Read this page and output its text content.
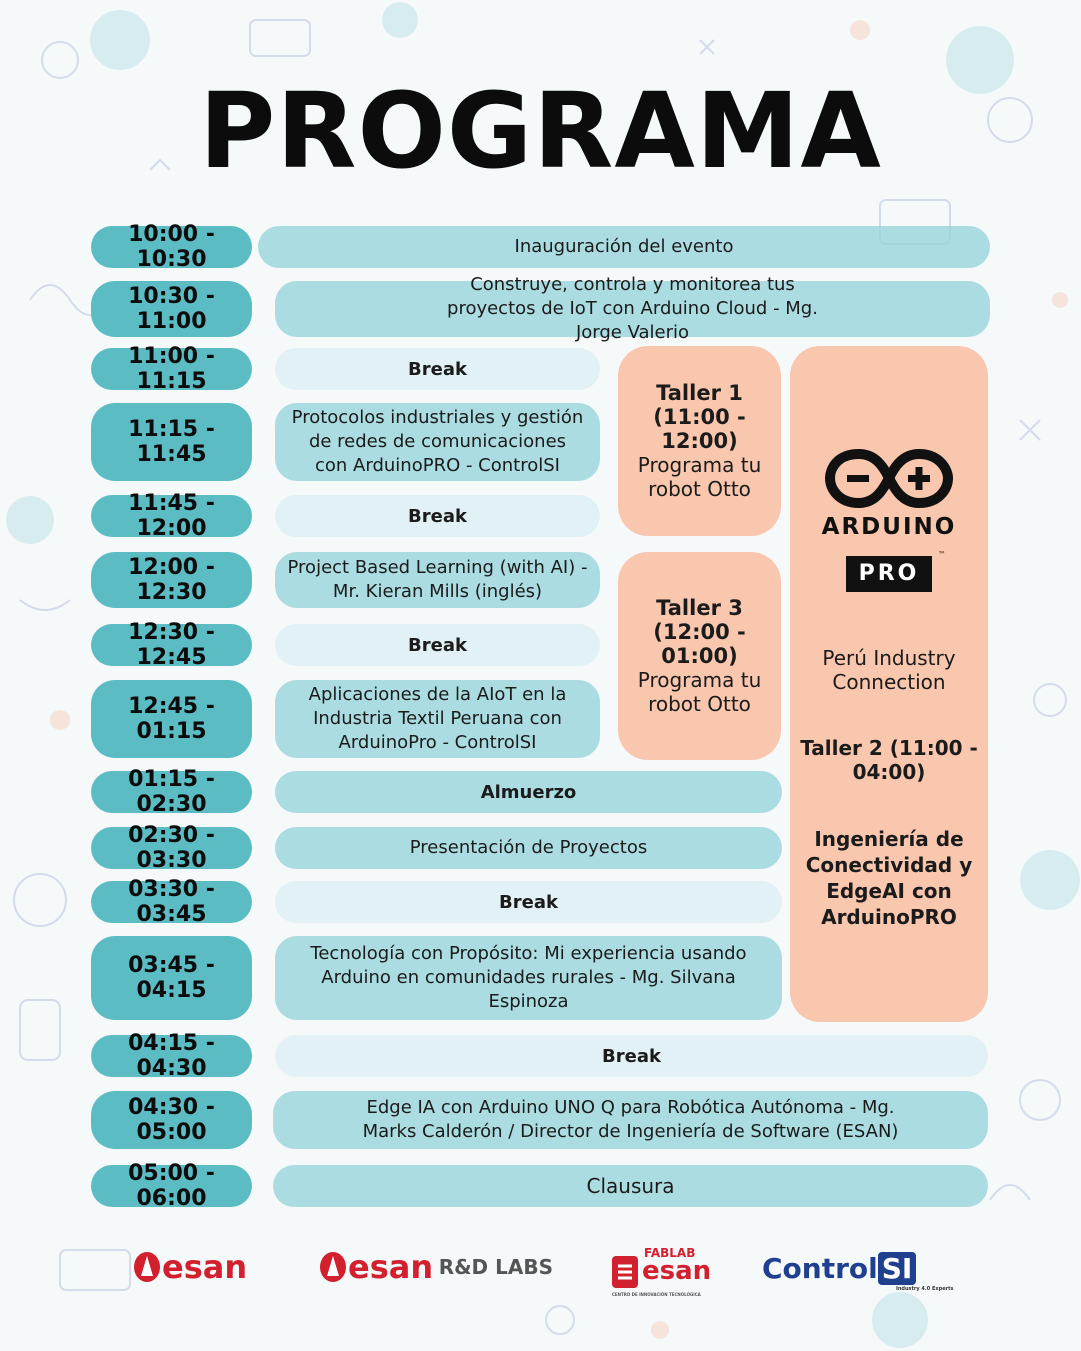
PROGRAMA
10:00 - 10:30
10:30 - 11:00
11:00 - 11:15
11:15 - 11:45
11:45 - 12:00
12:00 - 12:30
12:30 - 12:45
12:45 - 01:15
01:15 - 02:30
02:30 - 03:30
03:30 - 03:45
03:45 - 04:15
04:15 - 04:30
04:30 - 05:00
05:00 - 06:00
Inauguración del evento
Construye, controla y monitorea tus proyectos de IoT con Arduino Cloud - Mg. Jorge Valerio
Break
Protocolos industriales y gestión de redes de comunicaciones con ArduinoPRO - ControlSI
Break
Project Based Learning (with AI) - Mr. Kieran Mills (inglés)
Break
Aplicaciones de la AIoT en la Industria Textil Peruana con ArduinoPro - ControlSI
Almuerzo
Presentación de Proyectos
Break
Tecnología con Propósito: Mi experiencia usando Arduino en comunidades rurales - Mg. Silvana Espinoza
Break
Edge IA con Arduino UNO Q para Robótica Autónoma - Mg. Marks Calderón / Director de Ingeniería de Software (ESAN)
Clausura
Taller 1 (11:00 - 12:00)
Programa tu robot Otto
Taller 3 (12:00 - 01:00)
Programa tu robot Otto
ARDUINO
PRO
™
Perú Industry Connection
Taller 2 (11:00 - 04:00)
Ingeniería de Conectividad y EdgeAI con ArduinoPRO
esan	esan R&D LABS
FABLAB
esan
CENTRO DE INNOVACIÓN TECNOLÓGICA
Control SI
Industry 4.0 Experts
